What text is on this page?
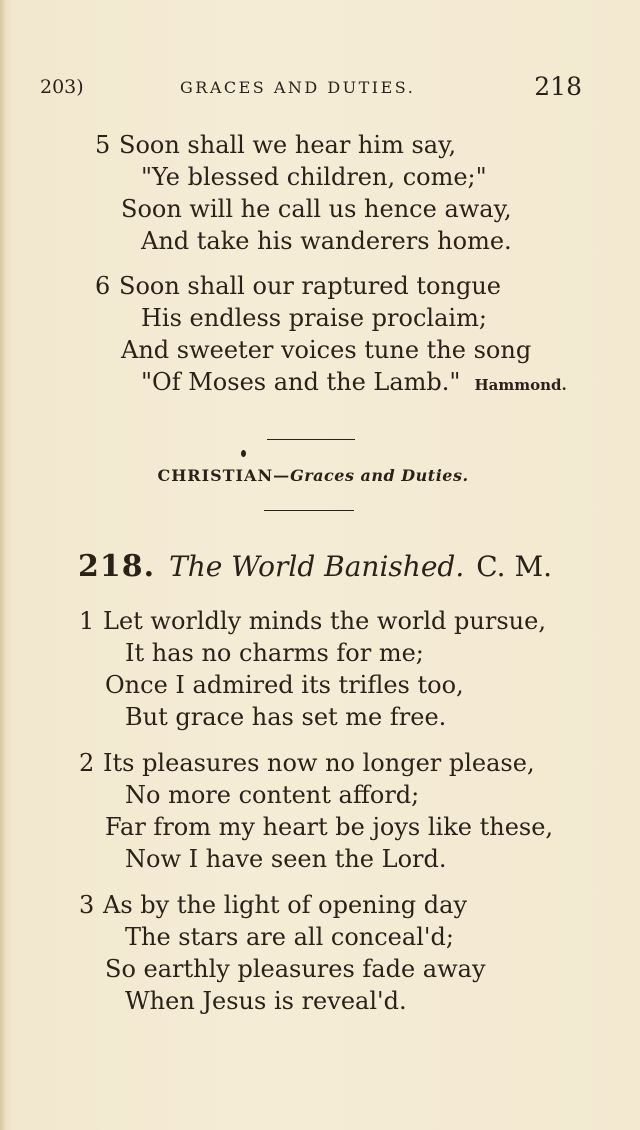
203)	GRACES AND DUTIES.	218
5 Soon shall we hear him say,
"Ye blessed children, come;"
Soon will he call us hence away,
And take his wanderers home.
6 Soon shall our raptured tongue
His endless praise proclaim;
And sweeter voices tune the song
"Of Moses and the Lamb." Hammond.
CHRISTIAN—Graces and Duties.
218. The World Banished. C. M.
1 Let worldly minds the world pursue,
It has no charms for me;
Once I admired its trifles too,
But grace has set me free.
2 Its pleasures now no longer please,
No more content afford;
Far from my heart be joys like these,
Now I have seen the Lord.
3 As by the light of opening day
The stars are all conceal'd;
So earthly pleasures fade away
When Jesus is reveal'd.
